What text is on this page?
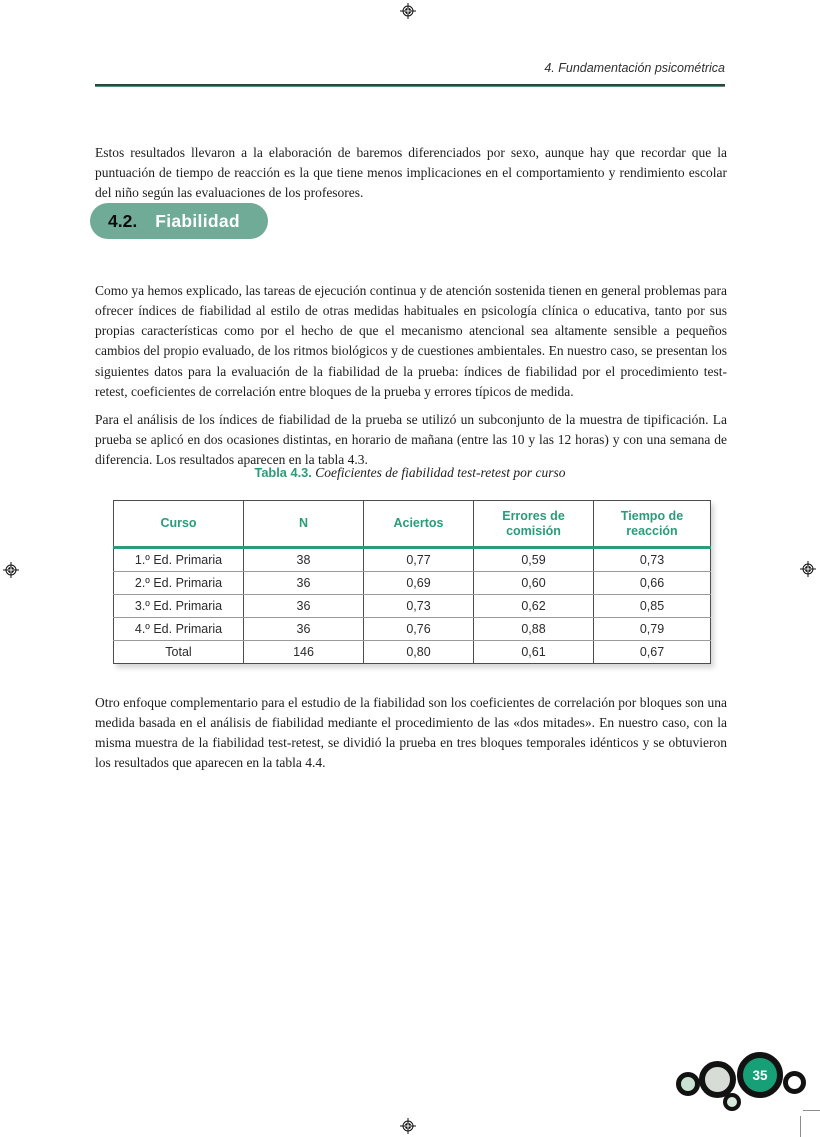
4. Fundamentación psicométrica

Estos resultados llevaron a la elaboración de baremos diferenciados por sexo, aunque hay que recordar que la puntuación de tiempo de reacción es la que tiene menos implicaciones en el comportamiento y rendimiento escolar del niño según las evaluaciones de los profesores.

4.2. Fiabilidad

Como ya hemos explicado, las tareas de ejecución continua y de atención sostenida tienen en general problemas para ofrecer índices de fiabilidad al estilo de otras medidas habituales en psicología clínica o educativa, tanto por sus propias características como por el hecho de que el mecanismo atencional sea altamente sensible a pequeños cambios del propio evaluado, de los ritmos biológicos y de cuestiones ambientales. En nuestro caso, se presentan los siguientes datos para la evaluación de la fiabilidad de la prueba: índices de fiabilidad por el procedimiento test-retest, coeficientes de correlación entre bloques de la prueba y errores típicos de medida.

Para el análisis de los índices de fiabilidad de la prueba se utilizó un subconjunto de la muestra de tipificación. La prueba se aplicó en dos ocasiones distintas, en horario de mañana (entre las 10 y las 12 horas) y con una semana de diferencia. Los resultados aparecen en la tabla 4.3.

Tabla 4.3. Coeficientes de fiabilidad test-retest por curso
Curso	N	Aciertos	Errores de comisión	Tiempo de reacción
1.º Ed. Primaria	38	0,77	0,59	0,73
2.º Ed. Primaria	36	0,69	0,60	0,66
3.º Ed. Primaria	36	0,73	0,62	0,85
4.º Ed. Primaria	36	0,76	0,88	0,79
Total	146	0,80	0,61	0,67

Otro enfoque complementario para el estudio de la fiabilidad son los coeficientes de correlación por bloques son una medida basada en el análisis de fiabilidad mediante el procedimiento de las «dos mitades». En nuestro caso, con la misma muestra de la fiabilidad test-retest, se dividió la prueba en tres bloques temporales idénticos y se obtuvieron los resultados que aparecen en la tabla 4.4.

35
